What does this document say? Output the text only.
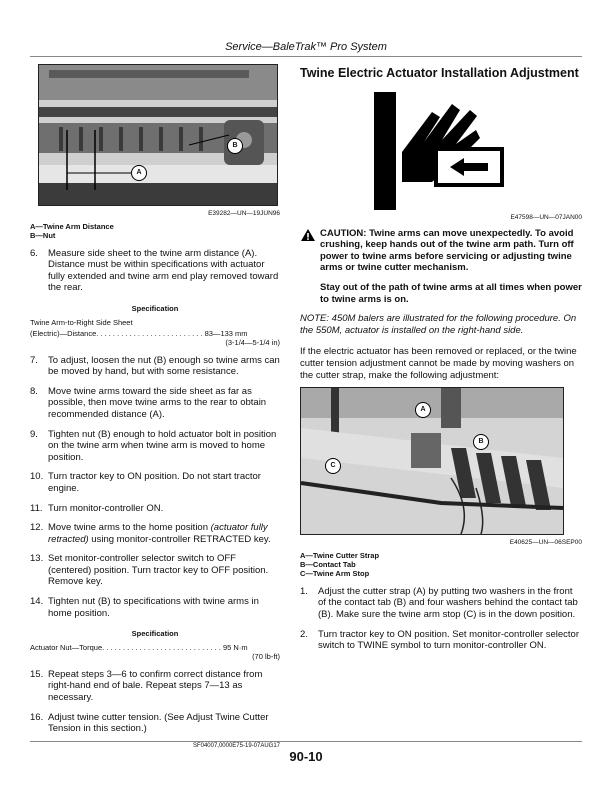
Service—BaleTrak™ Pro System
A
B
E39282—UN—19JUN96
A—Twine Arm Distance
B—Nut
6.	Measure side sheet to the twine arm distance (A). Distance must be within specifications with actuator fully extended and twine arm end play removed toward the rear.
Specification
Twine Arm-to-Right Side Sheet
(Electric)—Distance. . . . . . . . . . . . . . . . . . . . . . . . . . 83—133 mm
(3-1/4—5-1/4 in)
7.	To adjust, loosen the nut (B) enough so twine arms can be moved by hand, but with some resistance.
8.	Move twine arms toward the side sheet as far as possible, then move twine arms to the rear to obtain recommended distance (A).
9.	Tighten nut (B) enough to hold actuator bolt in position on the twine arm when twine arm is moved to home position.
10. Turn tractor key to ON position. Do not start tractor engine.
11. Turn monitor-controller ON.
12. Move twine arms to the home position (actuator fully retracted) using monitor-controller RETRACTED key.
13. Set monitor-controller selector switch to OFF (centered) position. Turn tractor key to OFF position. Remove key.
14. Tighten nut (B) to specifications with twine arms in home position.
Specification
Actuator Nut—Torque. . . . . . . . . . . . . . . . . . . . . . . . . . . . . 95 N·m
(70 lb-ft)
15. Repeat steps 3—6 to confirm correct distance from right-hand end of bale. Repeat steps 7—13 as necessary.
16. Adjust twine cutter tension. (See Adjust Twine Cutter Tension in this section.)
SF04007,0000E75-19-07AUG17
Twine Electric Actuator Installation Adjustment
E47598—UN—07JAN00
CAUTION: Twine arms can move unexpectedly. To avoid crushing, keep hands out of the twine arm path. Turn off power to twine arms before servicing or adjusting twine arms or twine cutter mechanism.
Stay out of the path of twine arms at all times when power to twine arms is on.
NOTE: 450M balers are illustrated for the following procedure. On the 550M, actuator is installed on the right-hand side.
If the electric actuator has been removed or replaced, or the twine cutter tension adjustment cannot be made by moving washers on the cutter strap, make the following adjustment:
A
B
C
E40625—UN—06SEP00
A—Twine Cutter Strap
B—Contact Tab
C—Twine Arm Stop
1.	Adjust the cutter strap (A) by putting two washers in the front of the contact tab (B) and four washers behind the contact tab (B). Make sure the twine arm stop (C) is in the down position.
2.	Turn tractor key to ON position. Set monitor-controller selector switch to TWINE symbol to turn monitor-controller ON.
90-10
